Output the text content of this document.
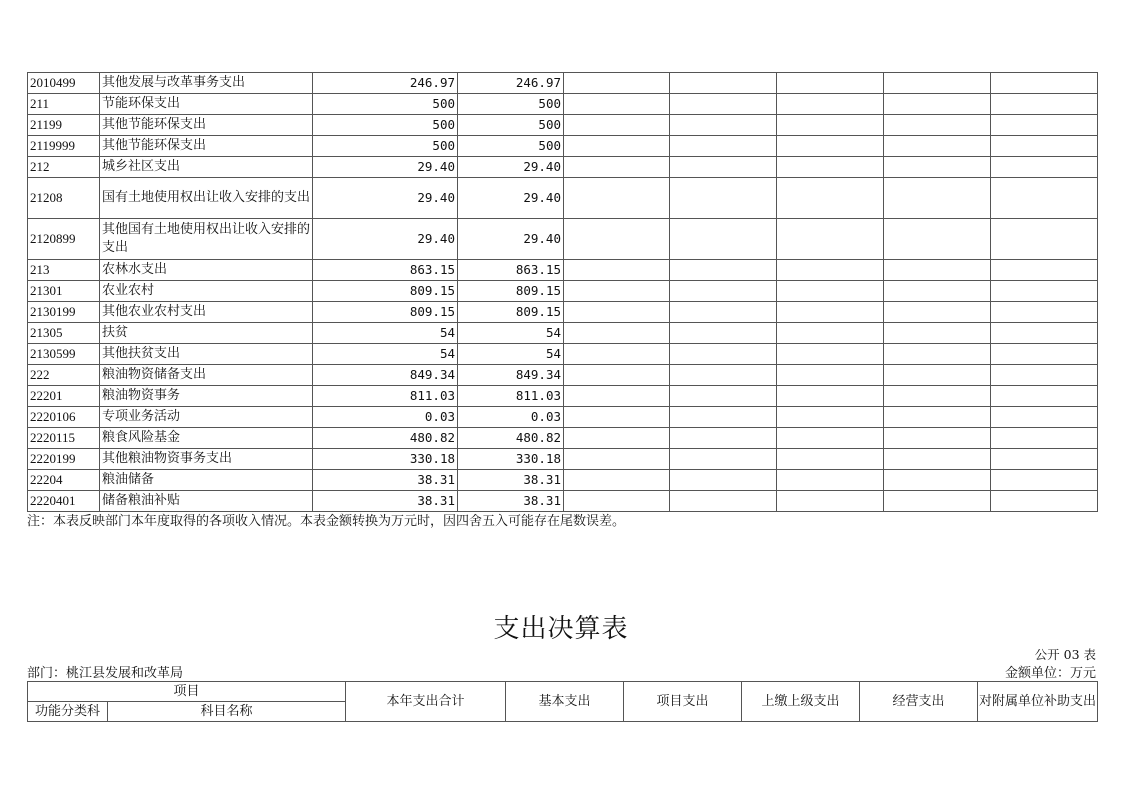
2010499	其他发展与改革事务支出	246.97	246.97					
211	节能环保支出	500	500					
21199	其他节能环保支出	500	500					
2119999	其他节能环保支出	500	500					
212	城乡社区支出	29.40	29.40					
21208	国有土地使用权出让收入安排的支出	29.40	29.40					
2120899	其他国有土地使用权出让收入安排的支出	29.40	29.40					
213	农林水支出	863.15	863.15					
21301	农业农村	809.15	809.15					
2130199	其他农业农村支出	809.15	809.15					
21305	扶贫	54	54					
2130599	其他扶贫支出	54	54					
222	粮油物资储备支出	849.34	849.34					
22201	粮油物资事务	811.03	811.03					
2220106	专项业务活动	0.03	0.03					
2220115	粮食风险基金	480.82	480.82					
2220199	其他粮油物资事务支出	330.18	330.18					
22204	粮油储备	38.31	38.31					
2220401	储备粮油补贴	38.31	38.31					
注：本表反映部门本年度取得的各项收入情况。本表金额转换为万元时，因四舍五入可能存在尾数误差。
支出决算表
公开 03 表
部门：桃江县发展和改革局	金额单位：万元
项目		本年支出合计	基本支出	项目支出	上缴上级支出	经营支出	对附属单位补助支出
功能分类科	科目名称						
